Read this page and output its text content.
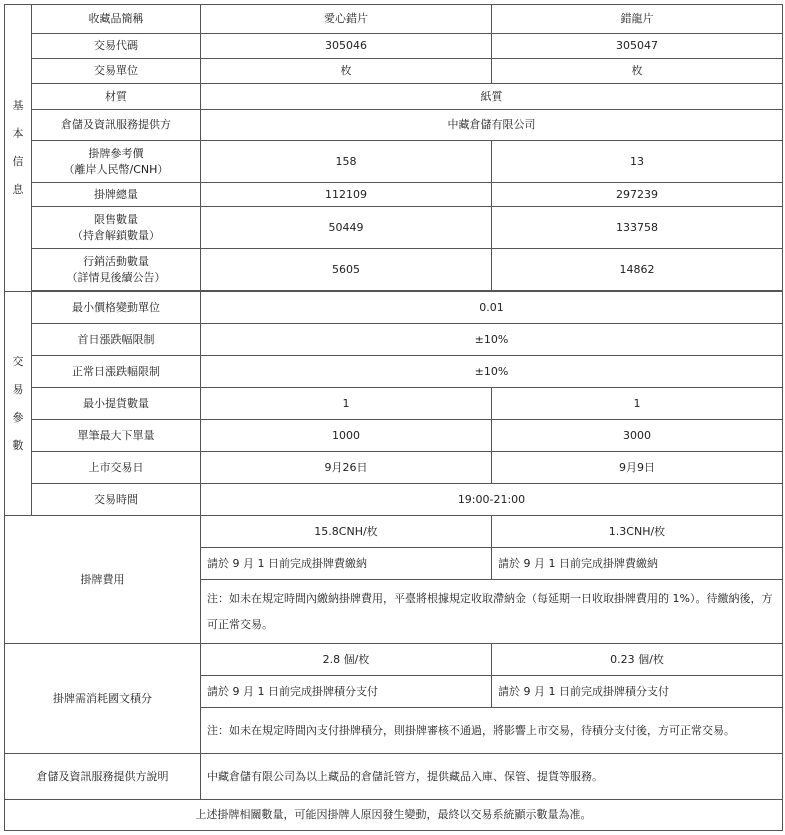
基
本
信
息	收藏品簡稱	愛心錯片	錯龍片
	交易代碼	305046	305047
	交易單位	枚	枚
	材質	紙質	
	倉儲及資訊服務提供方	中藏倉儲有限公司	

	掛牌參考價
（離岸人民幣/CNH）	158	13
	掛牌總量	112109	297239

	限售數量
（持倉解鎖數量）	50449	133758

	行銷活動數量
（詳情見後續公告）	5605	14862

交
易
參
數	最小價格變動單位	0.01	
	首日漲跌幅限制	±10%	
	正常日漲跌幅限制	±10%	
	最小提貨數量	1	1
	單筆最大下單量	1000	3000
	上市交易日	9月26日	9月9日
	交易時間	19:00-21:00	
掛牌費用		15.8CNH/枚	1.3CNH/枚
		請於 9 月 1 日前完成掛牌費繳納	請於 9 月 1 日前完成掛牌費繳納
		注：如未在規定時間內繳納掛牌費用，平臺將根據規定收取滯納金（每延期一日收取掛牌費用的 1%）。待繳納後，方可正常交易。	
掛牌需消耗國文積分		2.8 個/枚	0.23 個/枚
		請於 9 月 1 日前完成掛牌積分支付	請於 9 月 1 日前完成掛牌積分支付
		注：如未在規定時間內支付掛牌積分，則掛牌審核不通過，將影響上市交易，待積分支付後，方可正常交易。	
倉儲及資訊服務提供方說明		中藏倉儲有限公司為以上藏品的倉儲託管方，提供藏品入庫、保管、提貨等服務。	
上述掛牌相關數量，可能因掛牌人原因發生變動，最終以交易系統顯示數量為准。			
